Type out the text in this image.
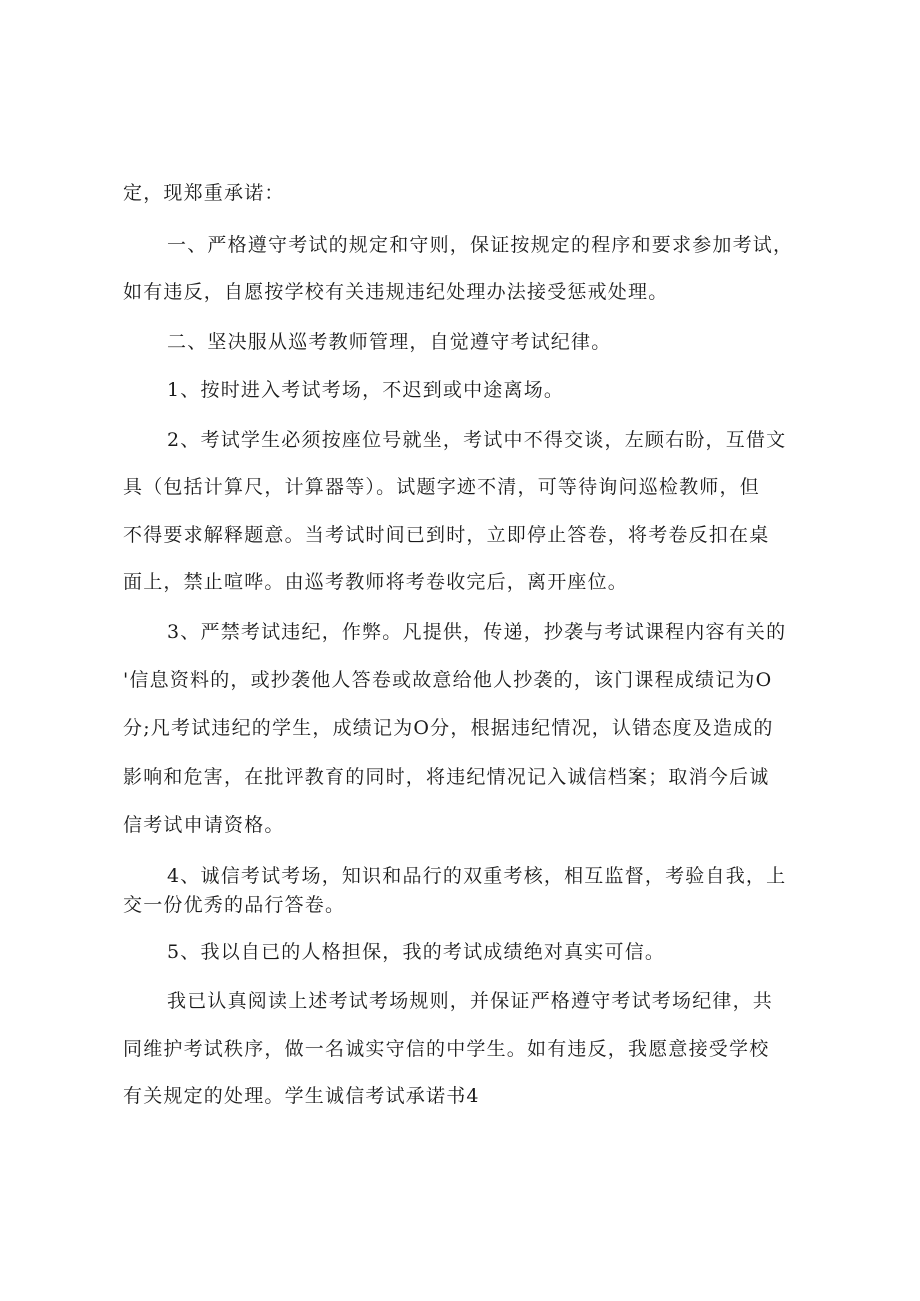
定，现郑重承诺：
一、严格遵守考试的规定和守则，保证按规定的程序和要求参加考试，
如有违反，自愿按学校有关违规违纪处理办法接受惩戒处理。
二、坚决服从巡考教师管理，自觉遵守考试纪律。
1、按时进入考试考场，不迟到或中途离场。
2、考试学生必须按座位号就坐，考试中不得交谈，左顾右盼，互借文
具（包括计算尺，计算器等）。试题字迹不清，可等待询问巡检教师，但
不得要求解释题意。当考试时间已到时，立即停止答卷，将考卷反扣在桌
面上，禁止喧哗。由巡考教师将考卷收完后，离开座位。
3、严禁考试违纪，作弊。凡提供，传递，抄袭与考试课程内容有关的
'信息资料的，或抄袭他人答卷或故意给他人抄袭的，该门课程成绩记为O
分;凡考试违纪的学生，成绩记为O分，根据违纪情况，认错态度及造成的
影响和危害，在批评教育的同时，将违纪情况记入诚信档案；取消今后诚
信考试申请资格。
4、诚信考试考场，知识和品行的双重考核，相互监督，考验自我，上
交一份优秀的品行答卷。
5、我以自已的人格担保，我的考试成绩绝对真实可信。
我已认真阅读上述考试考场规则，并保证严格遵守考试考场纪律，共
同维护考试秩序，做一名诚实守信的中学生。如有违反，我愿意接受学校
有关规定的处理。学生诚信考试承诺书4
